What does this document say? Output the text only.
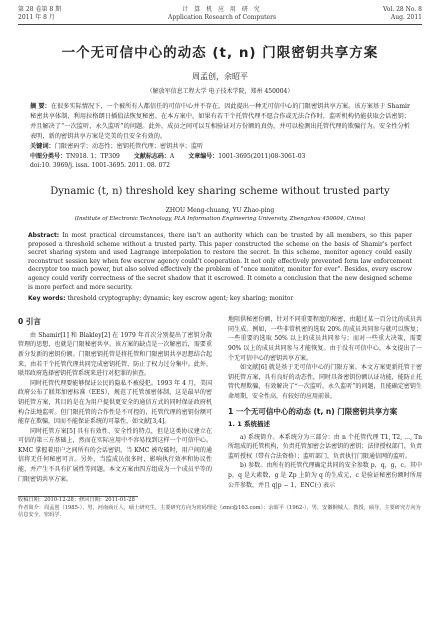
第 28 卷第 8 期
2011 年 8 月
计 算 机 应 用 研 究
Application Research of Computers
Vol. 28 No. 8
Aug. 2011
一个无可信中心的动态 (t, n) 门限密钥共享方案
周孟创，余昭平
（解放军信息工程大学 电子技术学院，郑州 450004）
摘 要：在很多实际情况下，一个被所有人都信任的可信中心并不存在，因此提出一种无可信中心的门限密钥共享方案。该方案基于 Shamir 秘密共享体制，利用拉格朗日插值法恢复秘密。在本方案中，如果有若干个托管代理不愿合作或无法合作时，监听机构仍能获取会话密钥；并且解决了“一次监听，永久监听”的问题。此外，成员之间可以互相验证对方份额的真伪，并可以检测出托管代理的欺骗行为。安全性分析表明，新的密钥共享方案是完美的且安全有效的。
关键词：门限密码学；动态性；密钥托管代理；密钥共享；监听
中图分类号：TN918. 1；TP309 文献标志码：A 文章编号：1001-3695(2011)08-3061-03
doi:10. 3969/j. issn. 1001-3695. 2011. 08. 072
Dynamic (t, n) threshold key sharing scheme without trusted party
ZHOU Meng-chuang, YU Zhao-ping
(Institute of Electronic Technology, PLA Information Engineering University, Zhengzhou 450004, China)
Abstract: In most practical circumstances, there isn't an authority which can be trusted by all members, so this paper proposed a threshold scheme without a trusted party. This paper constructed the scheme on the basis of Shamir's perfect secret sharing system and used Lagrange interpolation to restore the secret. In this scheme, monitor agency could easily reconstruct session key when few escrow agency could't cooperation. It not only effectively prevented form law enforcement decryptor too much power, but also solved effectively the problem of "once monitor, monitor for ever". Besides, every escrow agency could verify correctness of the secret shadow that it escrowed. It cometo a conclusion that the new designed scheme is more perfect and more security.
Key words: threshold cryptography; dynamic; key escrow agent; key sharing; monitor
0 引言

由 Shamir[1] 和 Blakley[2] 在 1979 年首次分别提出了密钥分散管理的思想，也就是门限秘密共享。该方案的缺点是一次解密后，需要重新分发新的密钥份额。门限密钥托管是将托管和门限密钥共享思想结合起来，由若干个托管代理共同完成密钥托管，防止了权力过分集中。此外，联邦政府选择密钥托管系统来进行对犯罪的侦查。

同时托管代理要能够保证公民的隐私不被侵犯。1993 年 4 月，美国政府公布了联邦加密标准（EES），规范了托管加密体制，这是最早的密钥托管方案，其目的是在为用户提供更安全的通信方式的同时保证政府机构合法地监听。但门限托管的合作性是不可控的，托管代理的密钥份额可能存在欺骗，因而不能保证系统的可靠性，如文献[3,4]。

同时托管方案[5] 具有有效性、安全性的特点，但是这类协议建立在可信的第三方基础上，然而在实际应用中不容易找到这样一个可信中心。KMC 掌握着用户之间所有的会话密钥，当 KMC 被攻破时，用户间的通信将无任何秘密可言。另外，当监成员很多时，影响执行效率和协议性能，并产生不具有扩展性等问题。本文方案由四方组成为一个成员平等的门限密钥共享方案。

地阻供秘密份额，针对不同重要程度的秘密，由超过某一百分比的成员共同生成。例如，一些非常机密的选取 20% 的成员共同参与就可以恢复；一些重要的选取 50% 以上的成员共同参与；而对一些重大决策，需要 90% 以上的成员共同参与才能恢复。由于没有可信中心，本文提出了一个无可信中心的密钥共享方案。

如文献[6] 就是基于无可信中心的门限方案。本文方案更新托管于密钥托管方案，具有良好的动态性，同时具备密钥份额认证功能，能防止托管代理欺骗，有效解决了“一次监听，永久监听”的问题，且能确定密钥生命周期，安全性高，有较好的应用前景。

1 一个无可信中心的动态 (t, n) 门限密钥共享方案
1. 1 系统描述

a) 系统简介。本系统分为三部分：由 n 个托管代理 T1, T2, …, Tn 所组成的托管机构，负责托管加密会话密钥的密钥；法律授权部门，负责监听授权（带有合法资格）；监听部门，负责执行门限通信网的监听。

b) 参数。由所有的托管代理确定共同的安全参数 p，q，g，c。其中 p，q 是大素数，g 是 Zp 上阶为 q 的生成元，c 是验证秘密份额时所用公开参数，并且 q|p − 1，ENC(·) 表示

收稿日期：2010-12-28；修回日期：2011-01-28
作者简介：周孟创（1985-），男，河南商丘人，硕士研究生，主要研究方向为密码理论（zmc@163.com）；余昭平（1962-），男，安徽桐城人，教授，硕导，主要研究方向为信息安全、密码学.
